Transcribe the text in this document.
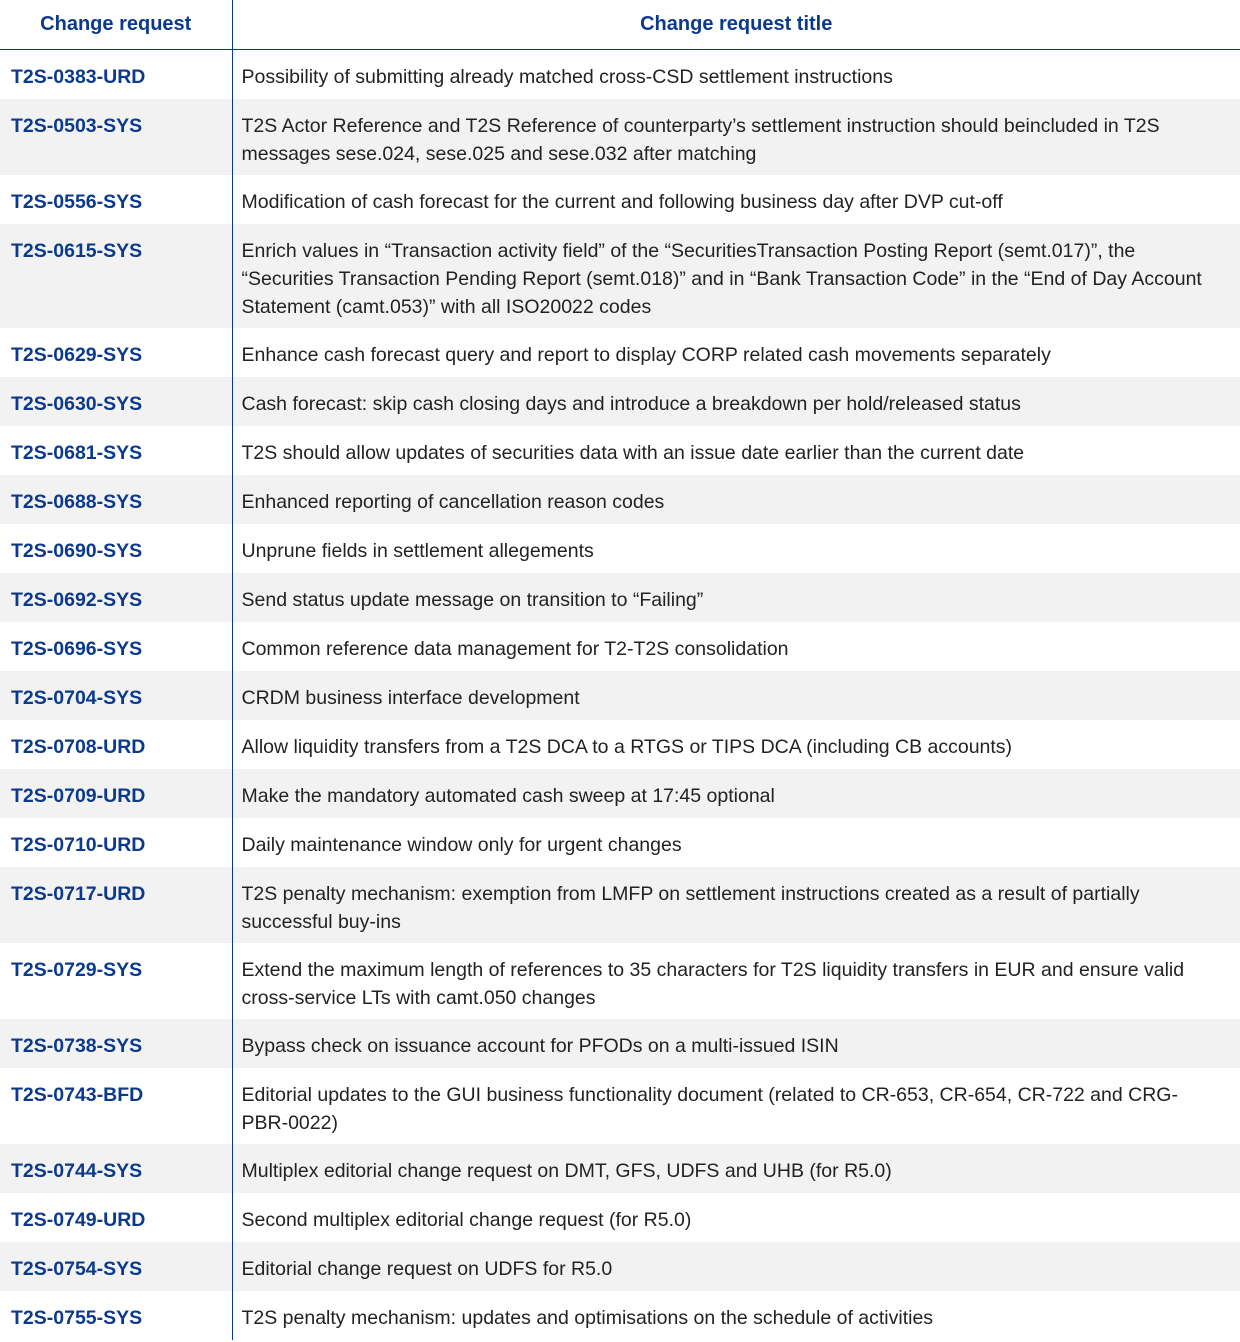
Change request	Change request title
T2S-0383-URD	Possibility of submitting already matched cross-CSD settlement instructions
T2S-0503-SYS	T2S Actor Reference and T2S Reference of counterparty’s settlement instruction should beincluded in T2S messages sese.024, sese.025 and sese.032 after matching
T2S-0556-SYS	Modification of cash forecast for the current and following business day after DVP cut-off
T2S-0615-SYS	Enrich values in “Transaction activity field” of the “SecuritiesTransaction Posting Report (semt.017)”, the “Securities Transaction Pending Report (semt.018)” and in “Bank Transaction Code” in the “End of Day Account Statement (camt.053)” with all ISO20022 codes
T2S-0629-SYS	Enhance cash forecast query and report to display CORP related cash movements separately
T2S-0630-SYS	Cash forecast: skip cash closing days and introduce a breakdown per hold/released status
T2S-0681-SYS	T2S should allow updates of securities data with an issue date earlier than the current date
T2S-0688-SYS	Enhanced reporting of cancellation reason codes
T2S-0690-SYS	Unprune fields in settlement allegements
T2S-0692-SYS	Send status update message on transition to “Failing”
T2S-0696-SYS	Common reference data management for T2-T2S consolidation
T2S-0704-SYS	CRDM business interface development
T2S-0708-URD	Allow liquidity transfers from a T2S DCA to a RTGS or TIPS DCA (including CB accounts)
T2S-0709-URD	Make the mandatory automated cash sweep at 17:45 optional
T2S-0710-URD	Daily maintenance window only for urgent changes
T2S-0717-URD	T2S penalty mechanism: exemption from LMFP on settlement instructions created as a result of partially successful buy-ins
T2S-0729-SYS	Extend the maximum length of references to 35 characters for T2S liquidity transfers in EUR and ensure valid cross-service LTs with camt.050 changes
T2S-0738-SYS	Bypass check on issuance account for PFODs on a multi-issued ISIN
T2S-0743-BFD	Editorial updates to the GUI business functionality document (related to CR-653, CR-654, CR-722 and CRG-PBR-0022)
T2S-0744-SYS	Multiplex editorial change request on DMT, GFS, UDFS and UHB (for R5.0)
T2S-0749-URD	Second multiplex editorial change request (for R5.0)
T2S-0754-SYS	Editorial change request on UDFS for R5.0
T2S-0755-SYS	T2S penalty mechanism: updates and optimisations on the schedule of activities
